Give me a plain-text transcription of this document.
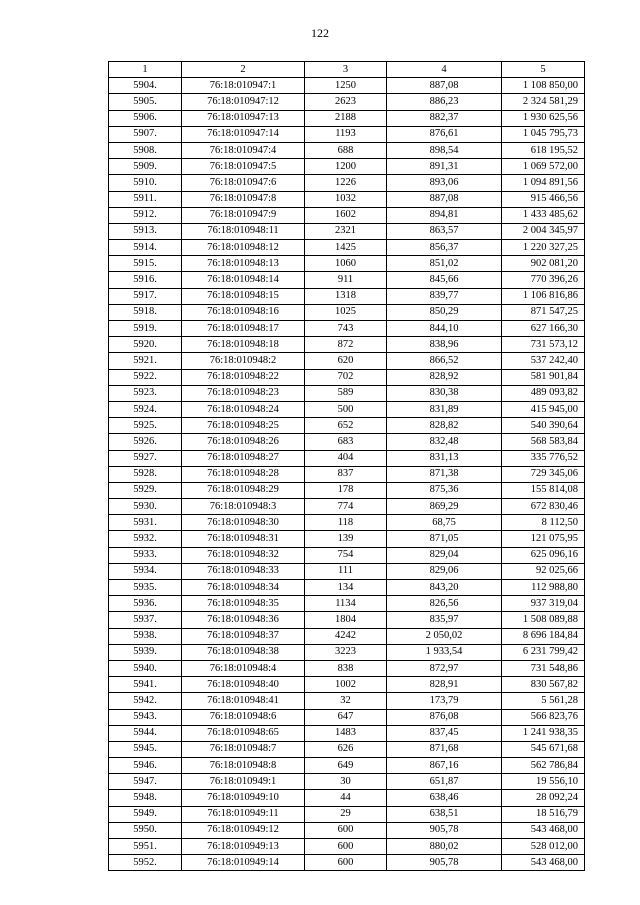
122
1	2	3	4	5
5904.	76:18:010947:1	1250	887,08	1 108 850,00
5905.	76:18:010947:12	2623	886,23	2 324 581,29
5906.	76:18:010947:13	2188	882,37	1 930 625,56
5907.	76:18:010947:14	1193	876,61	1 045 795,73
5908.	76:18:010947:4	688	898,54	618 195,52
5909.	76:18:010947:5	1200	891,31	1 069 572,00
5910.	76:18:010947:6	1226	893,06	1 094 891,56
5911.	76:18:010947:8	1032	887,08	915 466,56
5912.	76:18:010947:9	1602	894,81	1 433 485,62
5913.	76:18:010948:11	2321	863,57	2 004 345,97
5914.	76:18:010948:12	1425	856,37	1 220 327,25
5915.	76:18:010948:13	1060	851,02	902 081,20
5916.	76:18:010948:14	911	845,66	770 396,26
5917.	76:18:010948:15	1318	839,77	1 106 816,86
5918.	76:18:010948:16	1025	850,29	871 547,25
5919.	76:18:010948:17	743	844,10	627 166,30
5920.	76:18:010948:18	872	838,96	731 573,12
5921.	76:18:010948:2	620	866,52	537 242,40
5922.	76:18:010948:22	702	828,92	581 901,84
5923.	76:18:010948:23	589	830,38	489 093,82
5924.	76:18:010948:24	500	831,89	415 945,00
5925.	76:18:010948:25	652	828,82	540 390,64
5926.	76:18:010948:26	683	832,48	568 583,84
5927.	76:18:010948:27	404	831,13	335 776,52
5928.	76:18:010948:28	837	871,38	729 345,06
5929.	76:18:010948:29	178	875,36	155 814,08
5930.	76:18:010948:3	774	869,29	672 830,46
5931.	76:18:010948:30	118	68,75	8 112,50
5932.	76:18:010948:31	139	871,05	121 075,95
5933.	76:18:010948:32	754	829,04	625 096,16
5934.	76:18:010948:33	111	829,06	92 025,66
5935.	76:18:010948:34	134	843,20	112 988,80
5936.	76:18:010948:35	1134	826,56	937 319,04
5937.	76:18:010948:36	1804	835,97	1 508 089,88
5938.	76:18:010948:37	4242	2 050,02	8 696 184,84
5939.	76:18:010948:38	3223	1 933,54	6 231 799,42
5940.	76:18:010948:4	838	872,97	731 548,86
5941.	76:18:010948:40	1002	828,91	830 567,82
5942.	76:18:010948:41	32	173,79	5 561,28
5943.	76:18:010948:6	647	876,08	566 823,76
5944.	76:18:010948:65	1483	837,45	1 241 938,35
5945.	76:18:010948:7	626	871,68	545 671,68
5946.	76:18:010948:8	649	867,16	562 786,84
5947.	76:18:010949:1	30	651,87	19 556,10
5948.	76:18:010949:10	44	638,46	28 092,24
5949.	76:18:010949:11	29	638,51	18 516,79
5950.	76:18:010949:12	600	905,78	543 468,00
5951.	76:18:010949:13	600	880,02	528 012,00
5952.	76:18:010949:14	600	905,78	543 468,00
